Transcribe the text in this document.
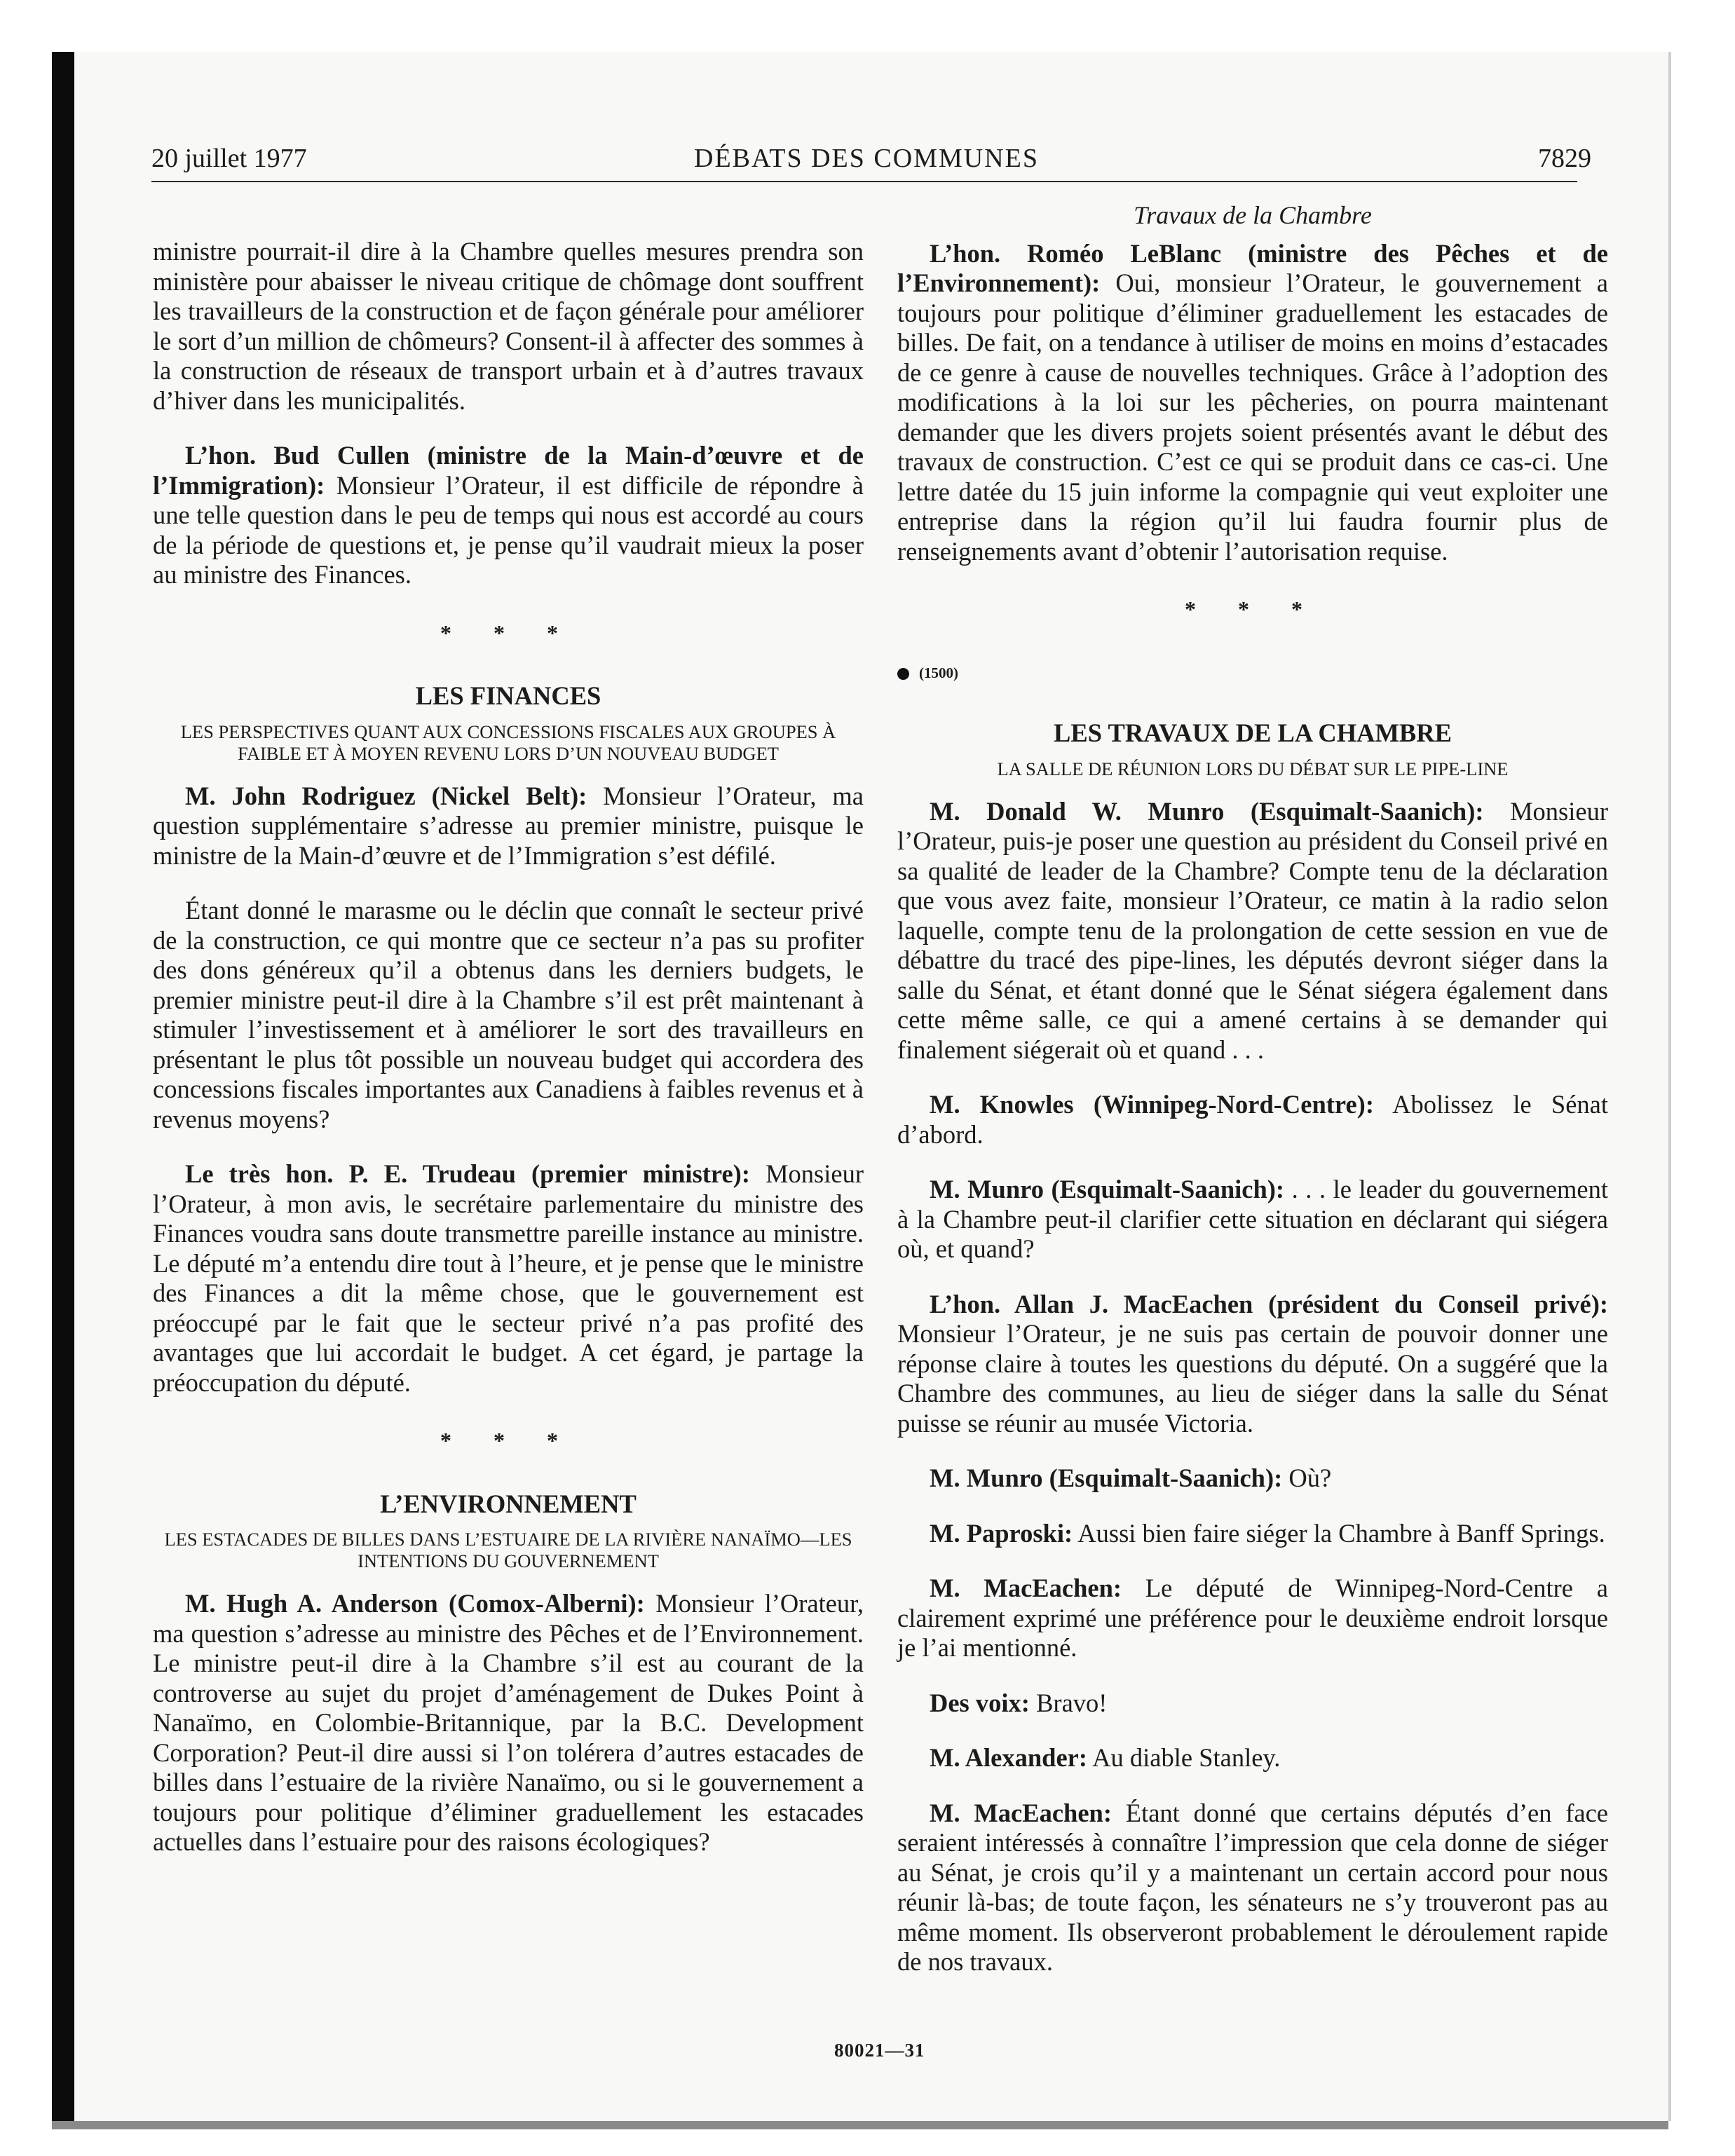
20 juillet 1977	DÉBATS DES COMMUNES	7829

ministre pourrait-il dire à la Chambre quelles mesures prendra son ministère pour abaisser le niveau critique de chômage dont souffrent les travailleurs de la construction et de façon générale pour améliorer le sort d’un million de chômeurs? Consent-il à affecter des sommes à la construction de réseaux de transport urbain et à d’autres travaux d’hiver dans les municipalités.

L’hon. Bud Cullen (ministre de la Main-d’œuvre et de l’Immigration): Monsieur l’Orateur, il est difficile de répondre à une telle question dans le peu de temps qui nous est accordé au cours de la période de questions et, je pense qu’il vaudrait mieux la poser au ministre des Finances.

* * *
LES FINANCES
LES PERSPECTIVES QUANT AUX CONCESSIONS FISCALES AUX GROUPES À FAIBLE ET À MOYEN REVENU LORS D’UN NOUVEAU BUDGET

M. John Rodriguez (Nickel Belt): Monsieur l’Orateur, ma question supplémentaire s’adresse au premier ministre, puisque le ministre de la Main-d’œuvre et de l’Immigration s’est défilé.

Étant donné le marasme ou le déclin que connaît le secteur privé de la construction, ce qui montre que ce secteur n’a pas su profiter des dons généreux qu’il a obtenus dans les derniers budgets, le premier ministre peut-il dire à la Chambre s’il est prêt maintenant à stimuler l’investissement et à améliorer le sort des travailleurs en présentant le plus tôt possible un nouveau budget qui accordera des concessions fiscales importantes aux Canadiens à faibles revenus et à revenus moyens?

Le très hon. P. E. Trudeau (premier ministre): Monsieur l’Orateur, à mon avis, le secrétaire parlementaire du ministre des Finances voudra sans doute transmettre pareille instance au ministre. Le député m’a entendu dire tout à l’heure, et je pense que le ministre des Finances a dit la même chose, que le gouvernement est préoccupé par le fait que le secteur privé n’a pas profité des avantages que lui accordait le budget. A cet égard, je partage la préoccupation du député.

* * *
L’ENVIRONNEMENT
LES ESTACADES DE BILLES DANS L’ESTUAIRE DE LA RIVIÈRE NANAÏMO—LES INTENTIONS DU GOUVERNEMENT

M. Hugh A. Anderson (Comox-Alberni): Monsieur l’Orateur, ma question s’adresse au ministre des Pêches et de l’Environnement. Le ministre peut-il dire à la Chambre s’il est au courant de la controverse au sujet du projet d’aménagement de Dukes Point à Nanaïmo, en Colombie-Britannique, par la B.C. Development Corporation? Peut-il dire aussi si l’on tolérera d’autres estacades de billes dans l’estuaire de la rivière Nanaïmo, ou si le gouvernement a toujours pour politique d’éliminer graduellement les estacades actuelles dans l’estuaire pour des raisons écologiques?

Travaux de la Chambre

L’hon. Roméo LeBlanc (ministre des Pêches et de l’Environnement): Oui, monsieur l’Orateur, le gouvernement a toujours pour politique d’éliminer graduellement les estacades de billes. De fait, on a tendance à utiliser de moins en moins d’estacades de ce genre à cause de nouvelles techniques. Grâce à l’adoption des modifications à la loi sur les pêcheries, on pourra maintenant demander que les divers projets soient présentés avant le début des travaux de construction. C’est ce qui se produit dans ce cas-ci. Une lettre datée du 15 juin informe la compagnie qui veut exploiter une entreprise dans la région qu’il lui faudra fournir plus de renseignements avant d’obtenir l’autorisation requise.

* * *
(1500)
LES TRAVAUX DE LA CHAMBRE
LA SALLE DE RÉUNION LORS DU DÉBAT SUR LE PIPE-LINE

M. Donald W. Munro (Esquimalt-Saanich): Monsieur l’Orateur, puis-je poser une question au président du Conseil privé en sa qualité de leader de la Chambre? Compte tenu de la déclaration que vous avez faite, monsieur l’Orateur, ce matin à la radio selon laquelle, compte tenu de la prolongation de cette session en vue de débattre du tracé des pipe-lines, les députés devront siéger dans la salle du Sénat, et étant donné que le Sénat siégera également dans cette même salle, ce qui a amené certains à se demander qui finalement siégerait où et quand . . .

M. Knowles (Winnipeg-Nord-Centre): Abolissez le Sénat d’abord.

M. Munro (Esquimalt-Saanich): . . . le leader du gouvernement à la Chambre peut-il clarifier cette situation en déclarant qui siégera où, et quand?

L’hon. Allan J. MacEachen (président du Conseil privé): Monsieur l’Orateur, je ne suis pas certain de pouvoir donner une réponse claire à toutes les questions du député. On a suggéré que la Chambre des communes, au lieu de siéger dans la salle du Sénat puisse se réunir au musée Victoria.

M. Munro (Esquimalt-Saanich): Où?

M. Paproski: Aussi bien faire siéger la Chambre à Banff Springs.

M. MacEachen: Le député de Winnipeg-Nord-Centre a clairement exprimé une préférence pour le deuxième endroit lorsque je l’ai mentionné.

Des voix: Bravo!

M. Alexander: Au diable Stanley.

M. MacEachen: Étant donné que certains députés d’en face seraient intéressés à connaître l’impression que cela donne de siéger au Sénat, je crois qu’il y a maintenant un certain accord pour nous réunir là-bas; de toute façon, les sénateurs ne s’y trouveront pas au même moment. Ils observeront probablement le déroulement rapide de nos travaux.

80021—31
